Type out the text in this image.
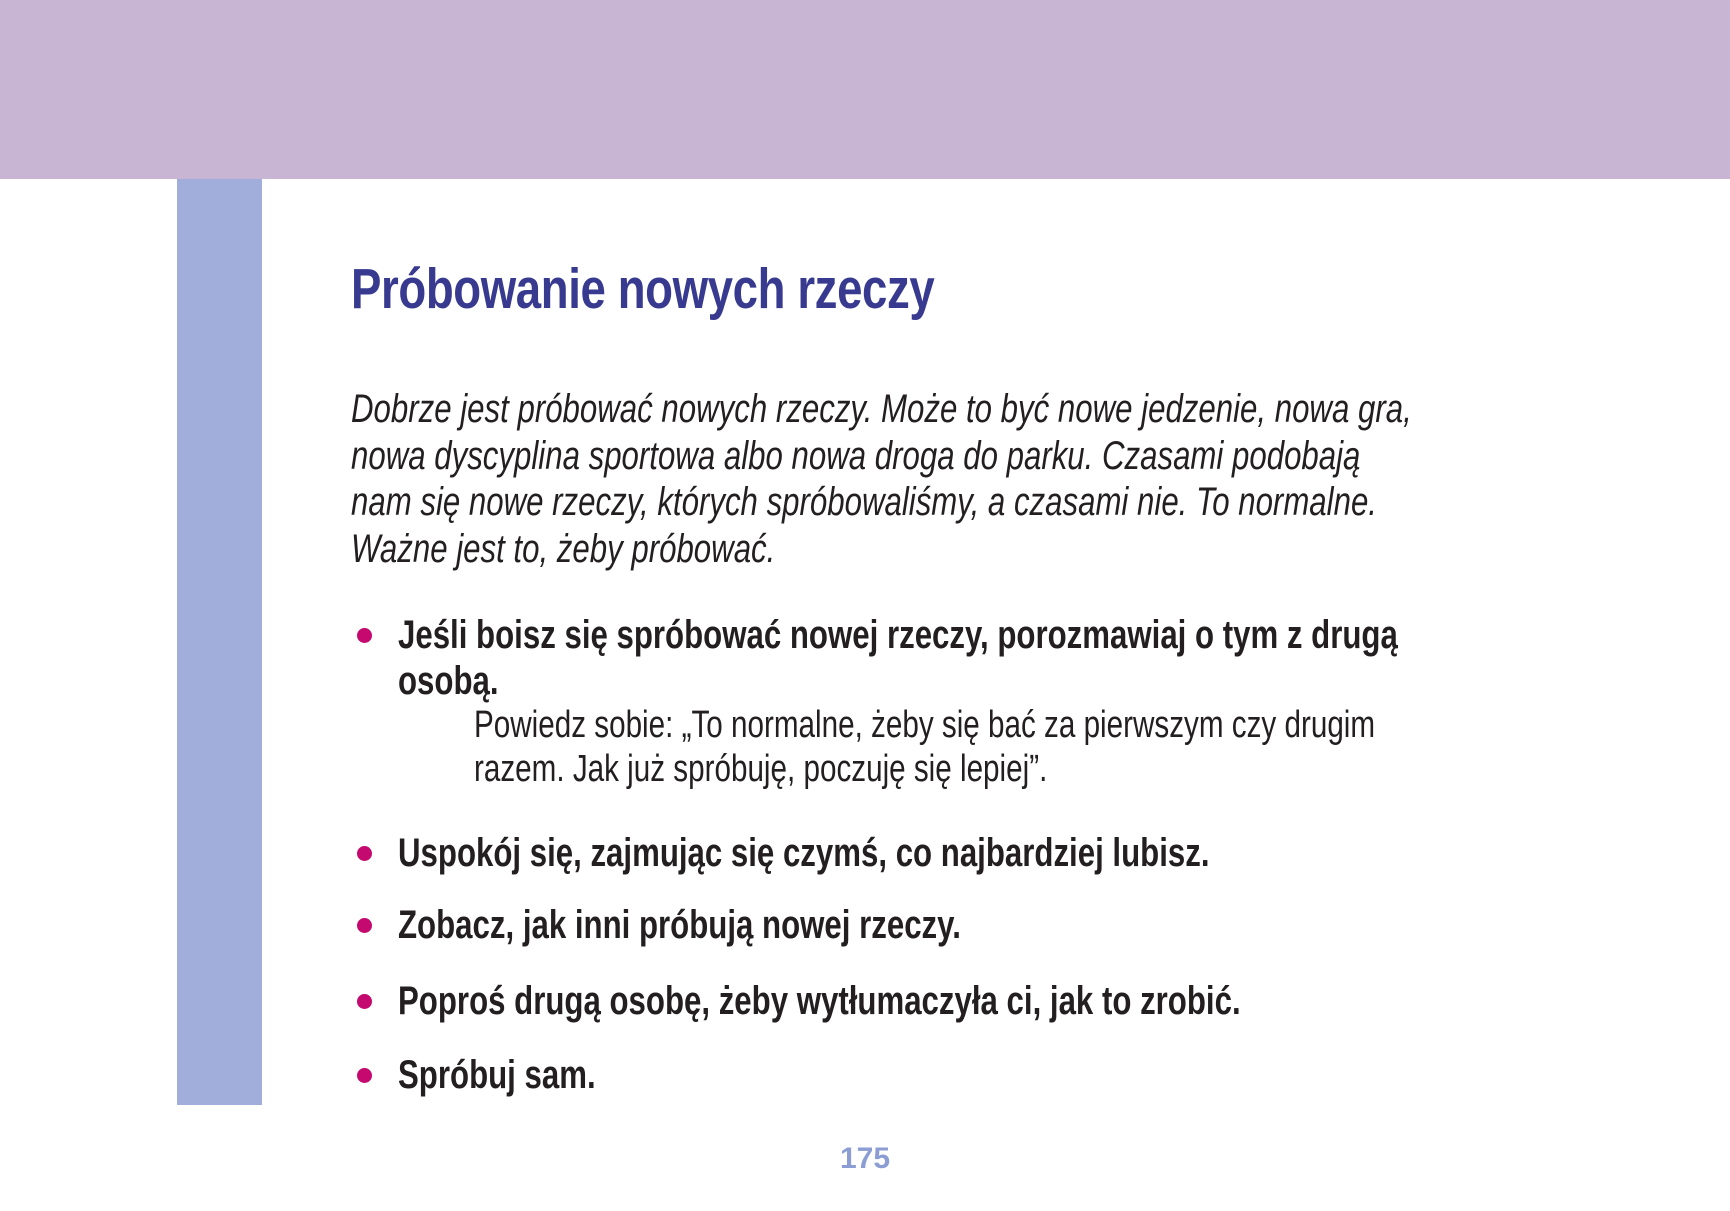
Próbowanie nowych rzeczy
Dobrze jest próbować nowych rzeczy. Może to być nowe jedzenie, nowa gra,
nowa dyscyplina sportowa albo nowa droga do parku. Czasami podobają
nam się nowe rzeczy, których spróbowaliśmy, a czasami nie. To normalne.
Ważne jest to, żeby próbować.
Jeśli boisz się spróbować nowej rzeczy, porozmawiaj o tym z drugą
osobą.
Powiedz sobie: „To normalne, żeby się bać za pierwszym czy drugim
razem. Jak już spróbuję, poczuję się lepiej”.
Uspokój się, zajmując się czymś, co najbardziej lubisz.
Zobacz, jak inni próbują nowej rzeczy.
Poproś drugą osobę, żeby wytłumaczyła ci, jak to zrobić.
Spróbuj sam.
175
